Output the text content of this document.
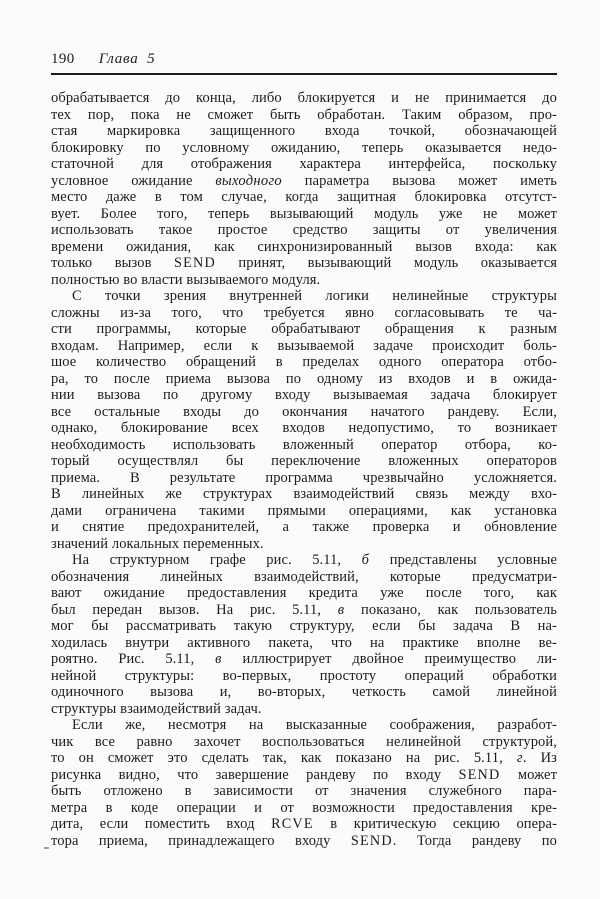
190 Глава 5
обрабатывается до конца, либо блокируется и не принимается до
тех пор, пока не сможет быть обработан. Таким образом, про-
стая маркировка защищенного входа точкой, обозначающей
блокировку по условному ожиданию, теперь оказывается недо-
статочной для отображения характера интерфейса, поскольку
условное ожидание выходного параметра вызова может иметь
место даже в том случае, когда защитная блокировка отсутст-
вует. Более того, теперь вызывающий модуль уже не может
использовать такое простое средство защиты от увеличения
времени ожидания, как синхронизированный вызов входа: как
только вызов SEND принят, вызывающий модуль оказывается
полностью во власти вызываемого модуля.
С точки зрения внутренней логики нелинейные структуры
сложны из-за того, что требуется явно согласовывать те ча-
сти программы, которые обрабатывают обращения к разным
входам. Например, если к вызываемой задаче происходит боль-
шое количество обращений в пределах одного оператора отбо-
ра, то после приема вызова по одному из входов и в ожида-
нии вызова по другому входу вызываемая задача блокирует
все остальные входы до окончания начатого рандеву. Если,
однако, блокирование всех входов недопустимо, то возникает
необходимость использовать вложенный оператор отбора, ко-
торый осуществлял бы переключение вложенных операторов
приема. В результате программа чрезвычайно усложняется.
В линейных же структурах взаимодействий связь между вхо-
дами ограничена такими прямыми операциями, как установка
и снятие предохранителей, а также проверка и обновление
значений локальных переменных.
На структурном графе рис. 5.11, б представлены условные
обозначения линейных взаимодействий, которые предусматри-
вают ожидание предоставления кредита уже после того, как
был передан вызов. На рис. 5.11, в показано, как пользователь
мог бы рассматривать такую структуру, если бы задача В на-
ходилась внутри активного пакета, что на практике вполне ве-
роятно. Рис. 5.11, в иллюстрирует двойное преимущество ли-
нейной структуры: во-первых, простоту операций обработки
одиночного вызова и, во-вторых, четкость самой линейной
структуры взаимодействий задач.
Если же, несмотря на высказанные соображения, разработ-
чик все равно захочет воспользоваться нелинейной структурой,
то он сможет это сделать так, как показано на рис. 5.11, г. Из
рисунка видно, что завершение рандеву по входу SEND может
быть отложено в зависимости от значения служебного пара-
метра в коде операции и от возможности предоставления кре-
дита, если поместить вход RCVE в критическую секцию опера-
тора приема, принадлежащего входу SEND. Тогда рандеву по
